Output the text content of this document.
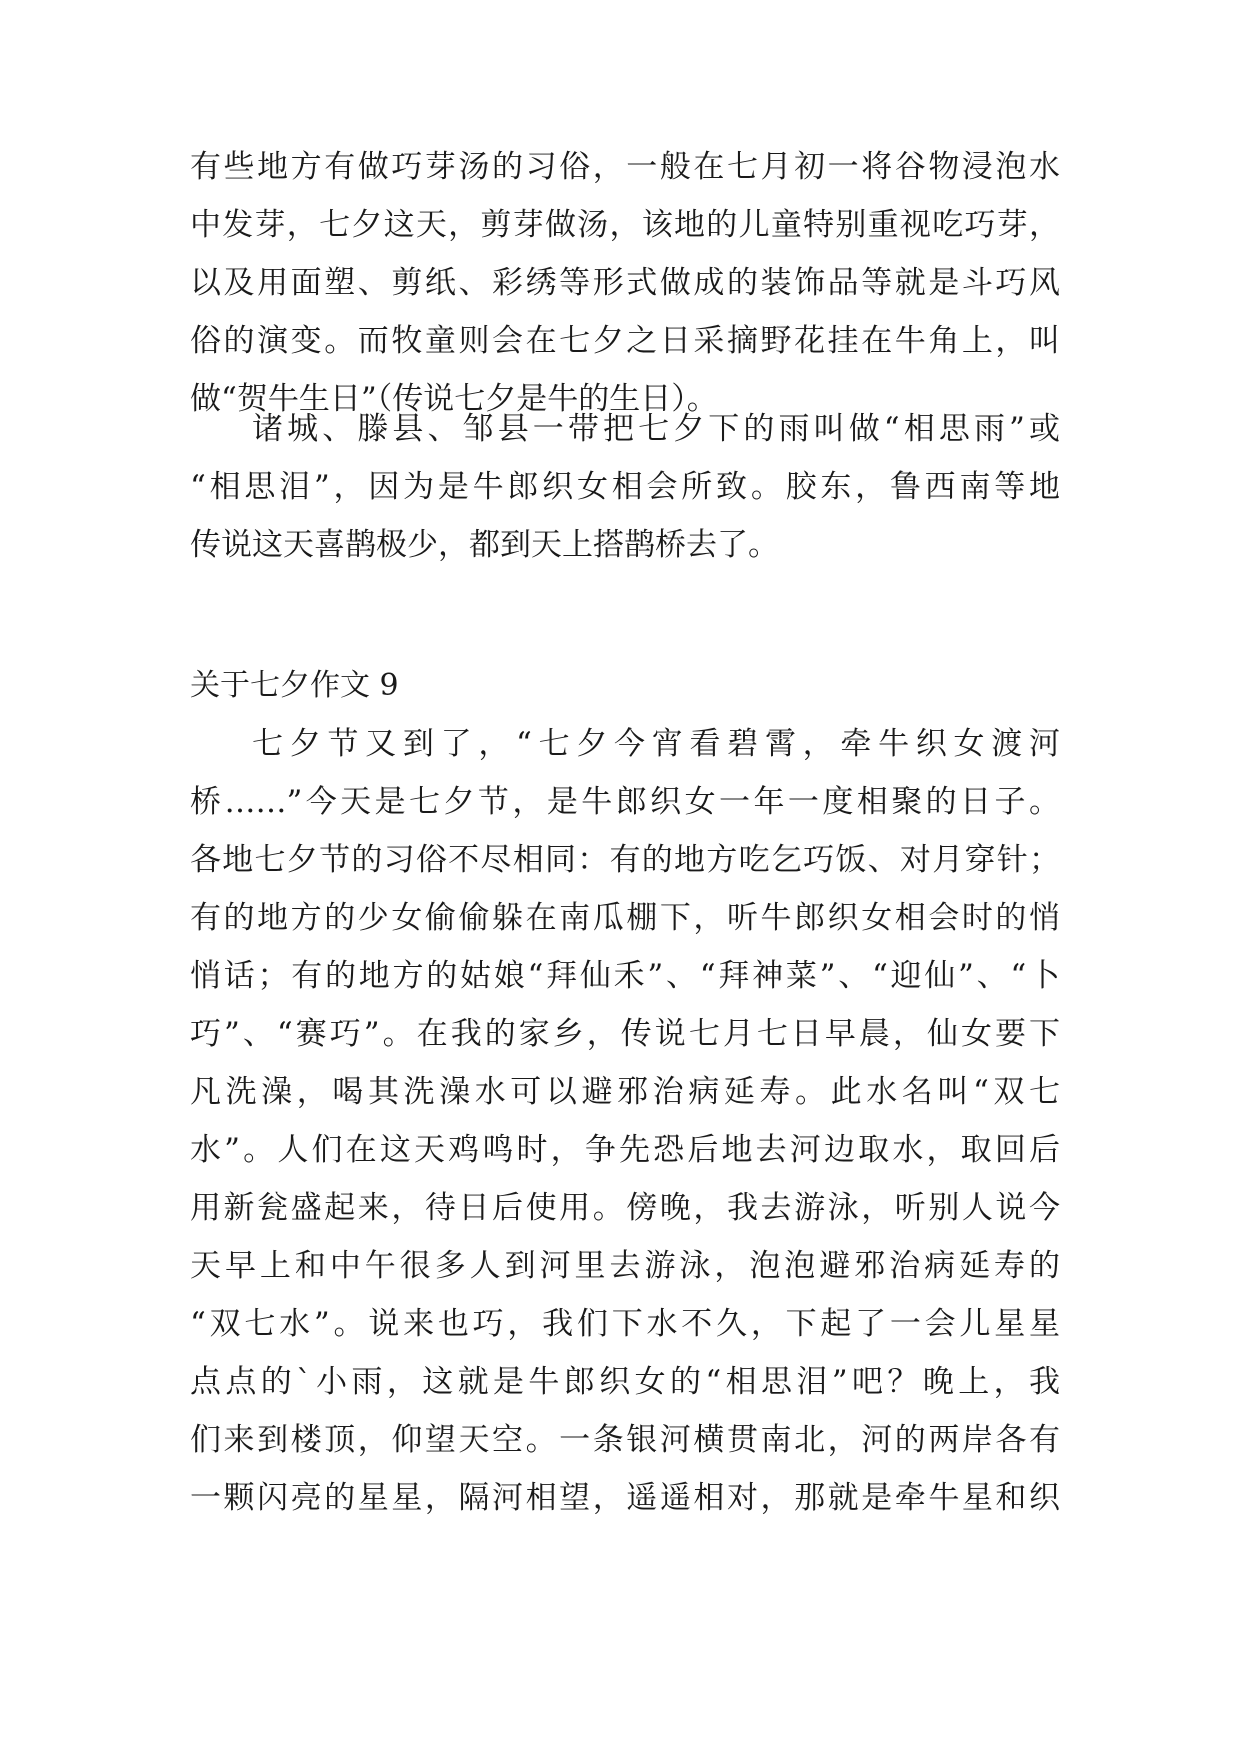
有些地方有做巧芽汤的习俗，一般在七月初一将谷物浸泡水
中发芽，七夕这天，剪芽做汤，该地的儿童特别重视吃巧芽，
以及用面塑、剪纸、彩绣等形式做成的装饰品等就是斗巧风
俗的演变。而牧童则会在七夕之日采摘野花挂在牛角上，叫
做“贺牛生日”（传说七夕是牛的生日）。
诸城、滕县、邹县一带把七夕下的雨叫做“相思雨”或
“相思泪”，因为是牛郎织女相会所致。胶东，鲁西南等地
传说这天喜鹊极少，都到天上搭鹊桥去了。
关于七夕作文 9
七夕节又到了，“七夕今宵看碧霄，牵牛织女渡河
桥……”今天是七夕节，是牛郎织女一年一度相聚的日子。
各地七夕节的习俗不尽相同：有的地方吃乞巧饭、对月穿针；
有的地方的少女偷偷躲在南瓜棚下，听牛郎织女相会时的悄
悄话；有的地方的姑娘“拜仙禾”、“拜神菜”、“迎仙”、“卜
巧”、“赛巧”。在我的家乡，传说七月七日早晨，仙女要下
凡洗澡，喝其洗澡水可以避邪治病延寿。此水名叫“双七
水”。人们在这天鸡鸣时，争先恐后地去河边取水，取回后
用新瓮盛起来，待日后使用。傍晚，我去游泳，听别人说今
天早上和中午很多人到河里去游泳，泡泡避邪治病延寿的
“双七水”。说来也巧，我们下水不久，下起了一会儿星星
点点的`小雨，这就是牛郎织女的“相思泪”吧？晚上，我
们来到楼顶，仰望天空。一条银河横贯南北，河的两岸各有
一颗闪亮的星星，隔河相望，遥遥相对，那就是牵牛星和织
